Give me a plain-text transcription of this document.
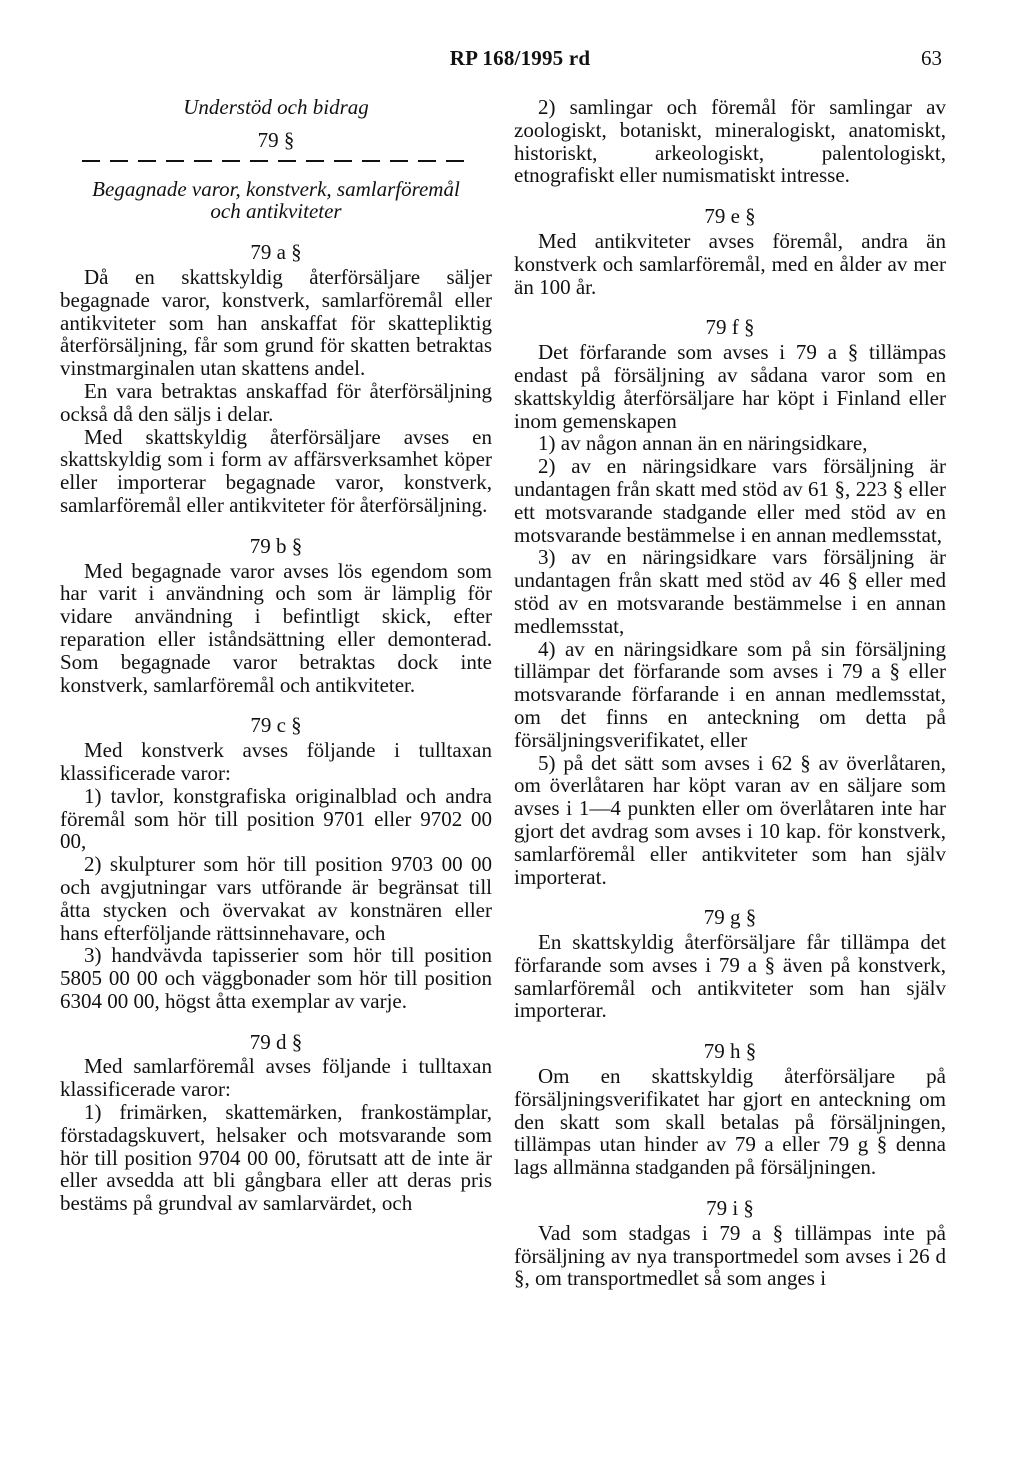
RP 168/1995 rd	63
Understöd och bidrag
79 §
Begagnade varor, konstverk, samlarföremål
och antikviteter
79 a §

Då en skattskyldig återförsäljare säljer begagnade varor, konstverk, samlarföremål eller antikviteter som han anskaffat för skattepliktig återförsäljning, får som grund för skatten betraktas vinstmarginalen utan skattens andel.

En vara betraktas anskaffad för återförsäljning också då den säljs i delar.

Med skattskyldig återförsäljare avses en skattskyldig som i form av affärsverksamhet köper eller importerar begagnade varor, konstverk, samlarföremål eller antikviteter för återförsäljning.

79 b §

Med begagnade varor avses lös egendom som har varit i användning och som är lämplig för vidare användning i befintligt skick, efter reparation eller iståndsättning eller demonterad. Som begagnade varor betraktas dock inte konstverk, samlarföremål och antikviteter.

79 c §

Med konstverk avses följande i tulltaxan klassificerade varor:

1) tavlor, konstgrafiska originalblad och andra föremål som hör till position 9701 eller 9702 00 00,

2) skulpturer som hör till position 9703 00 00 och avgjutningar vars utförande är begränsat till åtta stycken och övervakat av konstnären eller hans efterföljande rättsinnehavare, och

3) handvävda tapisserier som hör till position 5805 00 00 och väggbonader som hör till position 6304 00 00, högst åtta exemplar av varje.

79 d §

Med samlarföremål avses följande i tulltaxan klassificerade varor:

1) frimärken, skattemärken, frankostämplar, förstadagskuvert, helsaker och motsvarande som hör till position 9704 00 00, förutsatt att de inte är eller avsedda att bli gångbara eller att deras pris bestäms på grundval av samlarvärdet, och

2) samlingar och föremål för samlingar av zoologiskt, botaniskt, mineralogiskt, anatomiskt, historiskt, arkeologiskt, palentologiskt, etnografiskt eller numismatiskt intresse.

79 e §

Med antikviteter avses föremål, andra än konstverk och samlarföremål, med en ålder av mer än 100 år.

79 f §

Det förfarande som avses i 79 a § tillämpas endast på försäljning av sådana varor som en skattskyldig återförsäljare har köpt i Finland eller inom gemenskapen

1) av någon annan än en näringsidkare,

2) av en näringsidkare vars försäljning är undantagen från skatt med stöd av 61 §, 223 § eller ett motsvarande stadgande eller med stöd av en motsvarande bestämmelse i en annan medlemsstat,

3) av en näringsidkare vars försäljning är undantagen från skatt med stöd av 46 § eller med stöd av en motsvarande bestämmelse i en annan medlemsstat,

4) av en näringsidkare som på sin försäljning tillämpar det förfarande som avses i 79 a § eller motsvarande förfarande i en annan medlemsstat, om det finns en anteckning om detta på försäljningsverifikatet, eller

5) på det sätt som avses i 62 § av överlåtaren, om överlåtaren har köpt varan av en säljare som avses i 1—4 punkten eller om överlåtaren inte har gjort det avdrag som avses i 10 kap. för konstverk, samlarföremål eller antikviteter som han själv importerat.

79 g §

En skattskyldig återförsäljare får tillämpa det förfarande som avses i 79 a § även på konstverk, samlarföremål och antikviteter som han själv importerar.

79 h §

Om en skattskyldig återförsäljare på försäljningsverifikatet har gjort en anteckning om den skatt som skall betalas på försäljningen, tillämpas utan hinder av 79 a eller 79 g § denna lags allmänna stadganden på försäljningen.

79 i §

Vad som stadgas i 79 a § tillämpas inte på försäljning av nya transportmedel som avses i 26 d §, om transportmedlet så som anges i
